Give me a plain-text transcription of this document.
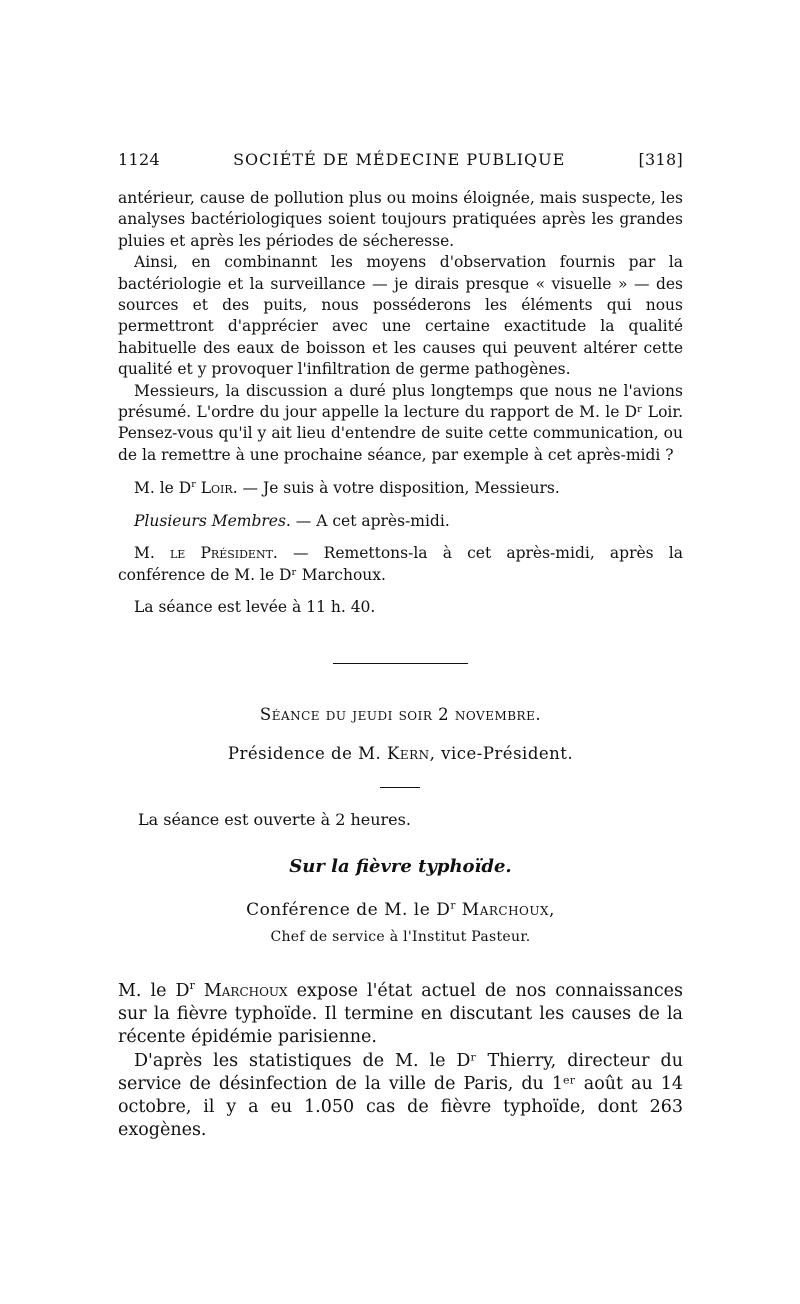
1124	SOCIÉTÉ DE MÉDECINE PUBLIQUE	[318]

antérieur, cause de pollution plus ou moins éloignée, mais suspecte, les analyses bactériologiques soient toujours pratiquées après les grandes pluies et après les périodes de sécheresse.

Ainsi, en combinannt les moyens d'observation fournis par la bactériologie et la surveillance — je dirais presque « visuelle » — des sources et des puits, nous posséderons les éléments qui nous permettront d'apprécier avec une certaine exactitude la qualité habituelle des eaux de boisson et les causes qui peuvent altérer cette qualité et y provoquer l'infiltration de germe pathogènes.

Messieurs, la discussion a duré plus longtemps que nous ne l'avions présumé. L'ordre du jour appelle la lecture du rapport de M. le Dʳ Loir. Pensez-vous qu'il y ait lieu d'entendre de suite cette communication, ou de la remettre à une prochaine séance, par exemple à cet après-midi ?

M. le $D^r$ Loir. — Je suis à votre disposition, Messieurs.

Plusieurs Membres. — A cet après-midi.

M. le Président. — Remettons-la à cet après-midi, après la conférence de M. le Dʳ Marchoux.

La séance est levée à 11 h. 40.

Séance du jeudi soir 2 novembre.
Présidence de M. Kern, vice-Président.
La séance est ouverte à 2 heures.
Sur la fièvre typhoïde.
Conférence de M. le $D^r$ Marchoux,
Chef de service à l'Institut Pasteur.

M. le $D^r$ Marchoux expose l'état actuel de nos connaissances sur la fièvre typhoïde. Il termine en discutant les causes de la récente épidémie parisienne.

D'après les statistiques de M. le Dʳ Thierry, directeur du service de désinfection de la ville de Paris, du 1ᵉʳ août au 14 octobre, il y a eu 1.050 cas de fièvre typhoïde, dont 263 exogènes.
